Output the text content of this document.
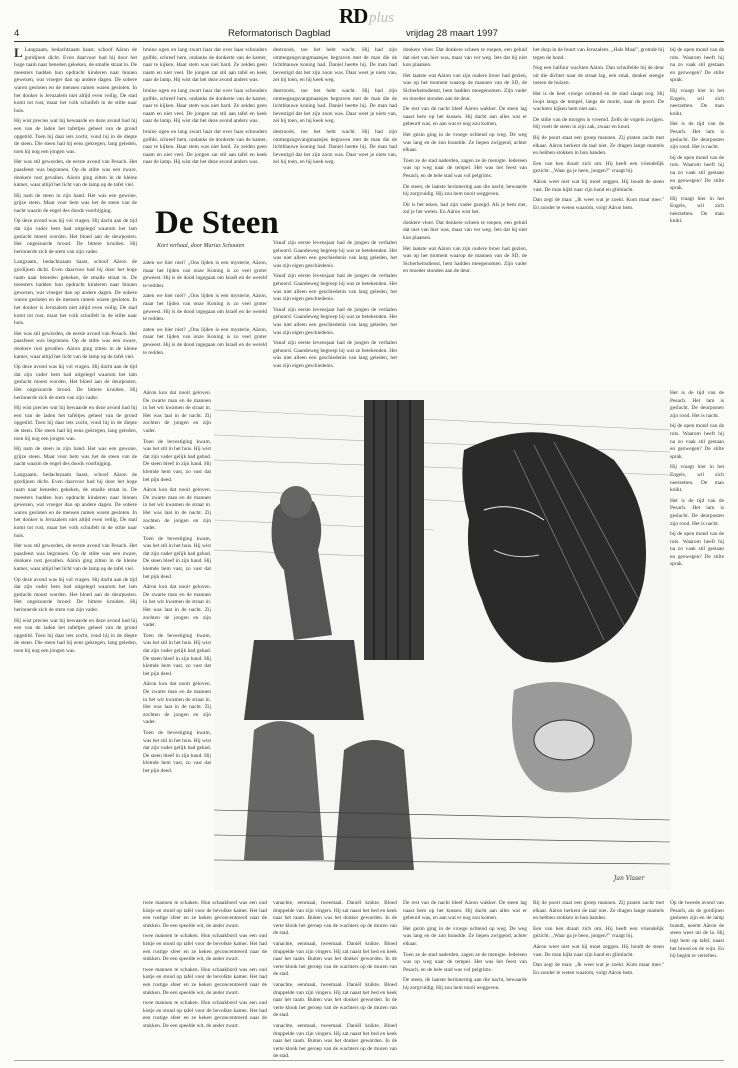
RD plus
4	Reformatorisch Dagblad	vrijdag 28 maart 1997

L Langzaam, bedachtzaam haast, schoof Aäron de gordijnen dicht. Even daarvoor had hij door het hoge raam naar beneden gekeken, de smalle straat in. De meesters hadden hun opdracht kinderen naar binnen gewezen, wat vroeger dan op andere dagen. De sobere waren gesloten en de mensen ramen waren gesloten. In het donker is Jeruzalem niet altijd even veilig. De stad komt tot rust, maar het volk schuifelt in de stilte naar huis.

Hij wist precies wat hij bewaarde en deze avond had hij een van de laden het tafeltjes geheel van de grond opgetild. Toen hij daar iets zocht, vond hij in de diepte de steen. Die steen had hij eens gekregen, lang geleden, toen hij nog een jongen was.

Het was stil geworden, de eerste avond van Pesach. Het paasfeest was begonnen. Op de stilte was een zware, donkere rust gevallen. Aäron ging zitten in de kleine kamer, waar altijd het licht van de lamp op de tafel viel.

Hij nam de steen in zijn hand. Het was een gewone, grijze steen. Maar voor hem was het de steen van de nacht waarin de engel des doods voorbijging.

Op deze avond was hij vol vragen. Hij dacht aan de tijd dat zijn vader hem had uitgelegd waarom het lam geslacht moest worden. Het bloed aan de deurposten. Het ongezuurde brood. De bittere kruiden. Hij herinnerde zich de stem van zijn vader.

Langzaam, bedachtzaam haast, schoof Aäron de gordijnen dicht. Even daarvoor had hij door het hoge raam naar beneden gekeken, de smalle straat in. De meesters hadden hun opdracht kinderen naar binnen gewezen, wat vroeger dan op andere dagen. De sobere waren gesloten en de mensen ramen waren gesloten. In het donker is Jeruzalem niet altijd even veilig. De stad komt tot rust, maar het volk schuifelt in de stilte naar huis.

Het was stil geworden, de eerste avond van Pesach. Het paasfeest was begonnen. Op de stilte was een zware, donkere rust gevallen. Aäron ging zitten in de kleine kamer, waar altijd het licht van de lamp op de tafel viel.

Op deze avond was hij vol vragen. Hij dacht aan de tijd dat zijn vader hem had uitgelegd waarom het lam geslacht moest worden. Het bloed aan de deurposten. Het ongezuurde brood. De bittere kruiden. Hij herinnerde zich de stem van zijn vader.

Hij wist precies wat hij bewaarde en deze avond had hij een van de laden het tafeltjes geheel van de grond opgetild. Toen hij daar iets zocht, vond hij in de diepte de steen. Die steen had hij eens gekregen, lang geleden, toen hij nog een jongen was.

Hij nam de steen in zijn hand. Het was een gewone, grijze steen. Maar voor hem was het de steen van de nacht waarin de engel des doods voorbijging.

Langzaam, bedachtzaam haast, schoof Aäron de gordijnen dicht. Even daarvoor had hij door het hoge raam naar beneden gekeken, de smalle straat in. De meesters hadden hun opdracht kinderen naar binnen gewezen, wat vroeger dan op andere dagen. De sobere waren gesloten en de mensen ramen waren gesloten. In het donker is Jeruzalem niet altijd even veilig. De stad komt tot rust, maar het volk schuifelt in de stilte naar huis.

Het was stil geworden, de eerste avond van Pesach. Het paasfeest was begonnen. Op de stilte was een zware, donkere rust gevallen. Aäron ging zitten in de kleine kamer, waar altijd het licht van de lamp op de tafel viel.

Op deze avond was hij vol vragen. Hij dacht aan de tijd dat zijn vader hem had uitgelegd waarom het lam geslacht moest worden. Het bloed aan de deurposten. Het ongezuurde brood. De bittere kruiden. Hij herinnerde zich de stem van zijn vader.

Hij wist precies wat hij bewaarde en deze avond had hij een van de laden het tafeltjes geheel van de grond opgetild. Toen hij daar iets zocht, vond hij in de diepte de steen. Die steen had hij eens gekregen, lang geleden, toen hij nog een jongen was.

bruine ogen en lang zwart haar dat over haar schouders golfde, schreef hem, ondanks de donkerte van de kamer, naar te kijken. Haar stem was niet hard. Ze zeiden geen naam en niet veel. De jongen zat stil aan tafel en keek naar de lamp. Hij wist dat het deze avond anders was.

bruine ogen en lang zwart haar dat over haar schouders golfde, schreef hem, ondanks de donkerte van de kamer, naar te kijken. Haar stem was niet hard. Ze zeiden geen naam en niet veel. De jongen zat stil aan tafel en keek naar de lamp. Hij wist dat het deze avond anders was.

bruine ogen en lang zwart haar dat over haar schouders golfde, schreef hem, ondanks de donkerte van de kamer, naar te kijken. Haar stem was niet hard. Ze zeiden geen naam en niet veel. De jongen zat stil aan tafel en keek naar de lamp. Hij wist dat het deze avond anders was.

destroods, toe het hebt wacht. Hij had zijn ommegangsvangmaatsjes begraven met de man die de lichtblauwe koning had. Daniel heette hij. De man had bevestigd dat het zijn zoon was. Daar weet je niets van, zei hij toen, en hij keek weg.

destroods, toe het hebt wacht. Hij had zijn ommegangsvangmaatsjes begraven met de man die de lichtblauwe koning had. Daniel heette hij. De man had bevestigd dat het zijn zoon was. Daar weet je niets van, zei hij toen, en hij keek weg.

destroods, toe het hebt wacht. Hij had zijn ommegangsvangmaatsjes begraven met de man die de lichtblauwe koning had. Daniel heette hij. De man had bevestigd dat het zijn zoon was. Daar weet je niets van, zei hij toen, en hij keek weg.

De Steen
Kort verhaal, door Marius Schouten

zaten we hier niet? ,,Ons lijden is een mysterie, Aäron, maar het lijden van onze Koning is zo veel groter geweest. Hij is de dood ingegaan om Israël en de wereld te redden.

zaten we hier niet? ,,Ons lijden is een mysterie, Aäron, maar het lijden van onze Koning is zo veel groter geweest. Hij is de dood ingegaan om Israël en de wereld te redden.

zaten we hier niet? ,,Ons lijden is een mysterie, Aäron, maar het lijden van onze Koning is zo veel groter geweest. Hij is de dood ingegaan om Israël en de wereld te redden.

Vanaf zijn eerste levensjaar had de jongen de verhalen gehoord. Gaandeweg begreep hij wat ze betekenden. Het was niet alleen een geschiedenis van lang geleden, het was zijn eigen geschiedenis.

Vanaf zijn eerste levensjaar had de jongen de verhalen gehoord. Gaandeweg begreep hij wat ze betekenden. Het was niet alleen een geschiedenis van lang geleden, het was zijn eigen geschiedenis.

Vanaf zijn eerste levensjaar had de jongen de verhalen gehoord. Gaandeweg begreep hij wat ze betekenden. Het was niet alleen een geschiedenis van lang geleden, het was zijn eigen geschiedenis.

Vanaf zijn eerste levensjaar had de jongen de verhalen gehoord. Gaandeweg begreep hij wat ze betekenden. Het was niet alleen een geschiedenis van lang geleden, het was zijn eigen geschiedenis.

Aäron kon dat nooit geloven. De zwarte man en de mannen in het wit kwamen de straat in. Het was laat in de nacht. Zij zochten de jongen en zijn vader.

Toen de bevestiging kwam, was het stil in het huis. Hij wist dat zijn vader gelijk had gehad. De steen bleef in zijn hand. Hij klemde hem vast, zo vast dat het pijn deed.

Aäron kon dat nooit geloven. De zwarte man en de mannen in het wit kwamen de straat in. Het was laat in de nacht. Zij zochten de jongen en zijn vader.

Toen de bevestiging kwam, was het stil in het huis. Hij wist dat zijn vader gelijk had gehad. De steen bleef in zijn hand. Hij klemde hem vast, zo vast dat het pijn deed.

Aäron kon dat nooit geloven. De zwarte man en de mannen in het wit kwamen de straat in. Het was laat in de nacht. Zij zochten de jongen en zijn vader.

Toen de bevestiging kwam, was het stil in het huis. Hij wist dat zijn vader gelijk had gehad. De steen bleef in zijn hand. Hij klemde hem vast, zo vast dat het pijn deed.

Aäron kon dat nooit geloven. De zwarte man en de mannen in het wit kwamen de straat in. Het was laat in de nacht. Zij zochten de jongen en zijn vader.

Toen de bevestiging kwam, was het stil in het huis. Hij wist dat zijn vader gelijk had gehad. De steen bleef in zijn hand. Hij klemde hem vast, zo vast dat het pijn deed.

Jan Visser

twee mannen te schaken. Hun schaakbord was een oud kistje en stond op tafel voor de bevolkte kamer. Het had een rustige sfeer en ze keken geconcentreerd naar de stukken. De een speelde wit, de ander zwart.

twee mannen te schaken. Hun schaakbord was een oud kistje en stond op tafel voor de bevolkte kamer. Het had een rustige sfeer en ze keken geconcentreerd naar de stukken. De een speelde wit, de ander zwart.

twee mannen te schaken. Hun schaakbord was een oud kistje en stond op tafel voor de bevolkte kamer. Het had een rustige sfeer en ze keken geconcentreerd naar de stukken. De een speelde wit, de ander zwart.

twee mannen te schaken. Hun schaakbord was een oud kistje en stond op tafel voor de bevolkte kamer. Het had een rustige sfeer en ze keken geconcentreerd naar de stukken. De een speelde wit, de ander zwart.

vanachte, eenmaal, tweemaal. Daniël knikte. Bloed druppelde van zijn vingers. Hij zat naast het bed en keek naar het raam. Buiten was het donker geworden. In de verte klonk het geroep van de wachters op de muren van de stad.

vanachte, eenmaal, tweemaal. Daniël knikte. Bloed druppelde van zijn vingers. Hij zat naast het bed en keek naar het raam. Buiten was het donker geworden. In de verte klonk het geroep van de wachters op de muren van de stad.

vanachte, eenmaal, tweemaal. Daniël knikte. Bloed druppelde van zijn vingers. Hij zat naast het bed en keek naar het raam. Buiten was het donker geworden. In de verte klonk het geroep van de wachters op de muren van de stad.

vanachte, eenmaal, tweemaal. Daniël knikte. Bloed druppelde van zijn vingers. Hij zat naast het bed en keek naar het raam. Buiten was het donker geworden. In de verte klonk het geroep van de wachters op de muren van de stad.

donkere vloer. Dat donkere scheen te roepen, een geluid dat niet van hier was, maar van ver weg. Iets dat hij niet kon plaatsen.

Het laatste wat Aäron van zijn oudere broer had gezien, was op het moment waarop de mannen van de SD, de Sicherheitsdienst, hem hadden meegenomen. Zijn vader en moeder stonden aan de deur.

De rest van de nacht bleef Aäron wakker. De steen lag naast hem op het kussen. Hij dacht aan alles wat er gebeurd was, en aan wat er nog zou komen.

Het gezin ging in de vroege ochtend op weg. De weg was lang en de zon brandde. Ze liepen zwijgend, achter elkaar.

Toen ze de stad naderden, zagen ze de menigte. Iedereen was op weg naar de tempel. Het was het feest van Pesach, en de hele stad was vol pelgrims.

De steen, de laatste herinnering aan die nacht, bewaarde hij zorgvuldig. Hij zou hem nooit weggeven.

Dit is het teken, had zijn vader gezegd. Als je hem ziet, zul je het weten. En Aäron wist het.

donkere vloer. Dat donkere scheen te roepen, een geluid dat niet van hier was, maar van ver weg. Iets dat hij niet kon plaatsen.

Het laatste wat Aäron van zijn oudere broer had gezien, was op het moment waarop de mannen van de SD, de Sicherheitsdienst, hem hadden meegenomen. Zijn vader en moeder stonden aan de deur.

De rest van de nacht bleef Aäron wakker. De steen lag naast hem op het kussen. Hij dacht aan alles wat er gebeurd was, en aan wat er nog zou komen.

Het gezin ging in de vroege ochtend op weg. De weg was lang en de zon brandde. Ze liepen zwijgend, achter elkaar.

Toen ze de stad naderden, zagen ze de menigte. Iedereen was op weg naar de tempel. Het was het feest van Pesach, en de hele stad was vol pelgrims.

De steen, de laatste herinnering aan die nacht, bewaarde hij zorgvuldig. Hij zou hem nooit weggeven.

het dorp in de buurt van Jeruzalem. ,,Hals Maal'', gromde hij tegen de hond.

Nog een halfuur wachten Aäron. Dan schuifelde hij de deur uit die dichter naar de straat lag, een smal, donker steegje tussen de huizen.

Het is de heel vroege ochtend en de stad slaapt nog. Hij loopt langs de tempel, langs de markt, naar de poort. De wachters kijken hem niet aan.

De stilte van de morgen is vreemd. Zelfs de vogels zwijgen. Hij voelt de steen in zijn zak, zwaar en koud.

Bij de poort staat een groep mannen. Zij praten zacht met elkaar. Aäron herkent de taal niet. Ze dragen lange mantels en hebben stokken in hun handen.

Een van hen draait zich om. Hij heeft een vriendelijk gezicht. ,,Waar ga je heen, jongen?'' vraagt hij.

Aäron weet niet wat hij moet zeggen. Hij houdt de steen vast. De man kijkt naar zijn hand en glimlacht.

Dan zegt de man: ,,Ik weet wat je zoekt. Kom maar mee.'' En zonder te weten waarom, volgt Aäron hem.

Bij de poort staat een groep mannen. Zij praten zacht met elkaar. Aäron herkent de taal niet. Ze dragen lange mantels en hebben stokken in hun handen.

Een van hen draait zich om. Hij heeft een vriendelijk gezicht. ,,Waar ga je heen, jongen?'' vraagt hij.

Aäron weet niet wat hij moet zeggen. Hij houdt de steen vast. De man kijkt naar zijn hand en glimlacht.

Dan zegt de man: ,,Ik weet wat je zoekt. Kom maar mee.'' En zonder te weten waarom, volgt Aäron hem.

bij de open mond van de rots. Waarom heeft hij na zo vaak stil gestaan en gezwegen? De stilte sprak.

Hij vraagt hier in het Engels, wil zich neerzetten. De man knikt.

Het is de tijd van de Pesach. Het lam is geslacht. De deurposten zijn rood. Het is nacht.

bij de open mond van de rots. Waarom heeft hij na zo vaak stil gestaan en gezwegen? De stilte sprak.

Hij vraagt hier in het Engels, wil zich neerzetten. De man knikt.

Het is de tijd van de Pesach. Het lam is geslacht. De deurposten zijn rood. Het is nacht.

bij de open mond van de rots. Waarom heeft hij na zo vaak stil gestaan en gezwegen? De stilte sprak.

Hij vraagt hier in het Engels, wil zich neerzetten. De man knikt.

Het is de tijd van de Pesach. Het lam is geslacht. De deurposten zijn rood. Het is nacht.

bij de open mond van de rots. Waarom heeft hij na zo vaak stil gestaan en gezwegen? De stilte sprak.

Op de tweede avond van Pesach, als de gordijnen gesloten zijn en de lamp brandt, neemt Aäron de steen weer uit de la. Hij legt hem op tafel, naast het brood en de wijn. En hij begint te vertellen.
